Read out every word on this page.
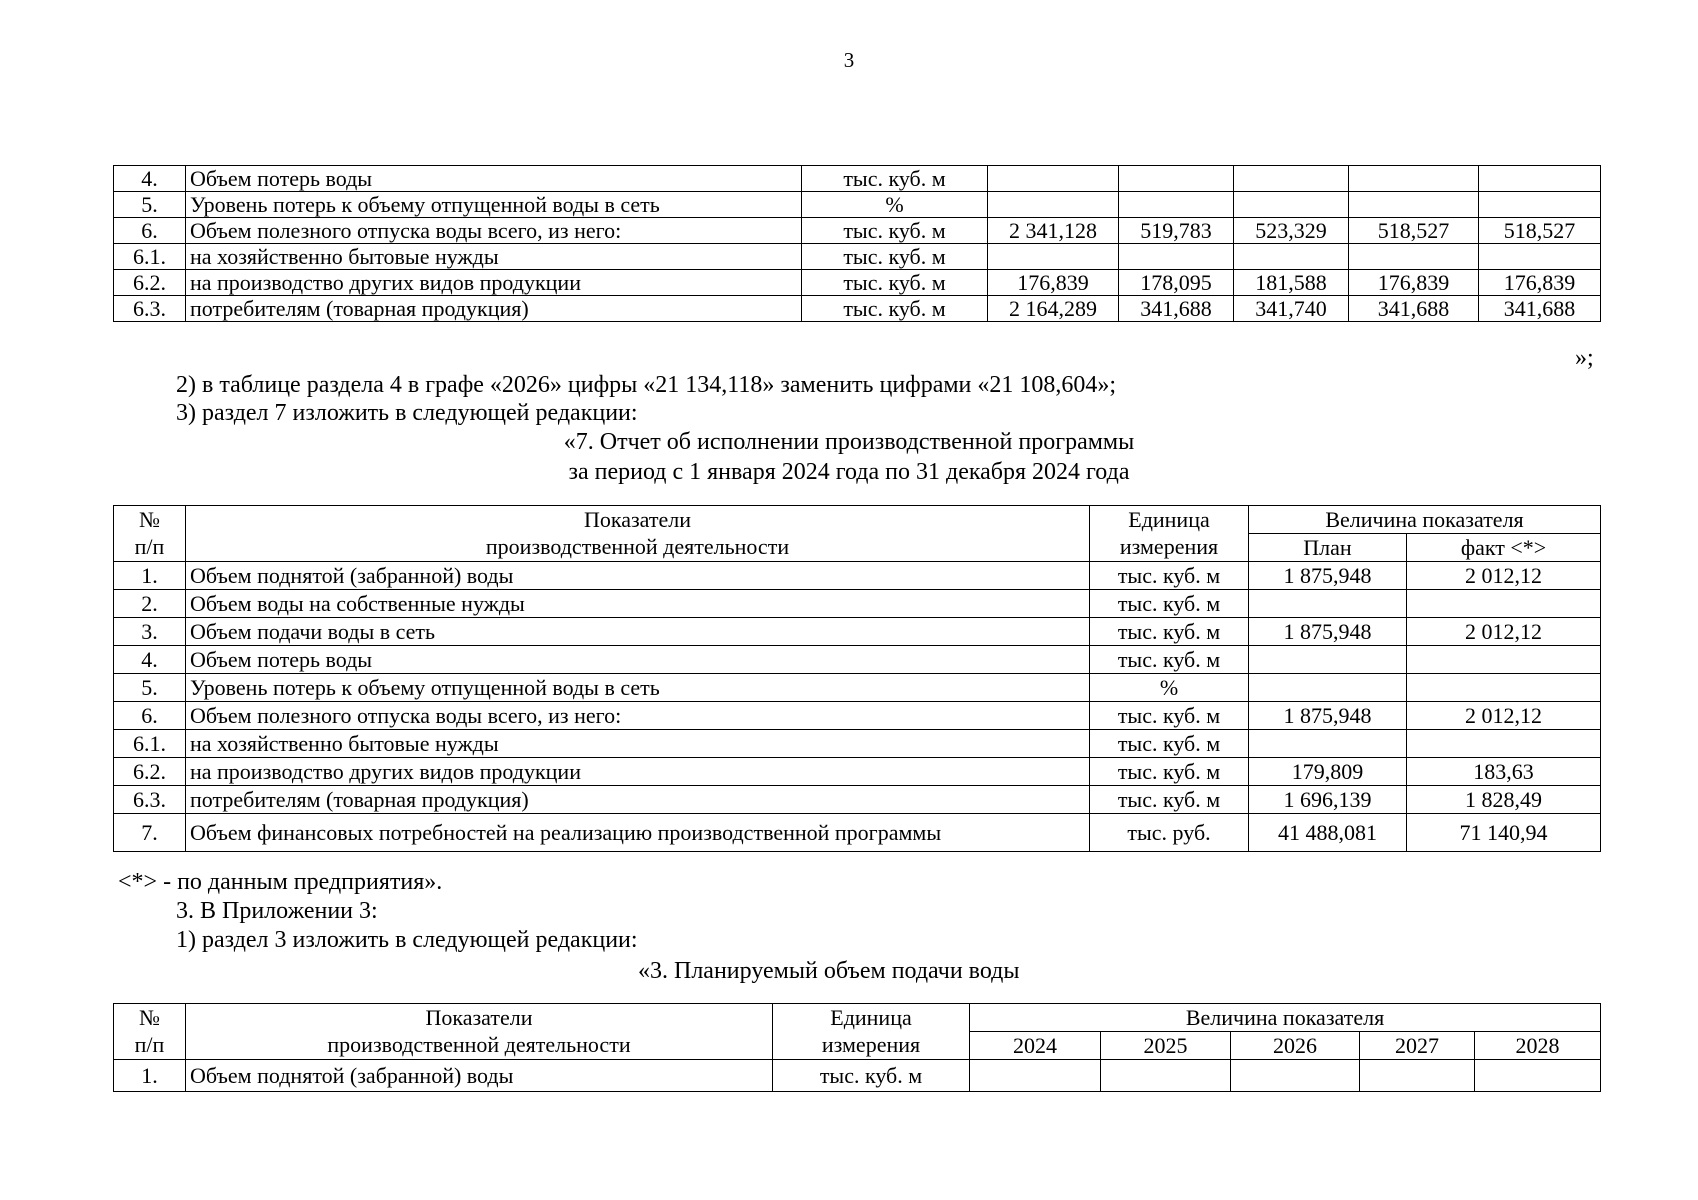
3
4.	Объем потерь воды	тыс. куб. м					
5.	Уровень потерь к объему отпущенной воды в сеть	%					
6.	Объем полезного отпуска воды всего, из него:	тыс. куб. м	2 341,128	519,783	523,329	518,527	518,527
6.1.	на хозяйственно бытовые нужды	тыс. куб. м					
6.2.	на производство других видов продукции	тыс. куб. м	176,839	178,095	181,588	176,839	176,839
6.3.	потребителям (товарная продукция)	тыс. куб. м	2 164,289	341,688	341,740	341,688	341,688
»;
2) в таблице раздела 4 в графе «2026» цифры «21 134,118» заменить цифрами «21 108,604»;
3) раздел 7 изложить в следующей редакции:
«7. Отчет об исполнении производственной программы
за период с 1 января 2024 года по 31 декабря 2024 года
№	Показатели	Единица	Величина показателя	
п/п	производственной деятельности	измерения	План	факт <*>
1.	Объем поднятой (забранной) воды	тыс. куб. м	1 875,948	2 012,12
2.	Объем воды на собственные нужды	тыс. куб. м		
3.	Объем подачи воды в сеть	тыс. куб. м	1 875,948	2 012,12
4.	Объем потерь воды	тыс. куб. м		
5.	Уровень потерь к объему отпущенной воды в сеть	%		
6.	Объем полезного отпуска воды всего, из него:	тыс. куб. м	1 875,948	2 012,12
6.1.	на хозяйственно бытовые нужды	тыс. куб. м		
6.2.	на производство других видов продукции	тыс. куб. м	179,809	183,63
6.3.	потребителям (товарная продукция)	тыс. куб. м	1 696,139	1 828,49
7.	Объем финансовых потребностей на реализацию производственной программы	тыс. руб.	41 488,081	71 140,94
<*> - по данным предприятия».
3. В Приложении 3:
1) раздел 3 изложить в следующей редакции:
«3. Планируемый объем подачи воды
№	Показатели	Единица	Величина показателя				
п/п	производственной деятельности	измерения	2024	2025	2026	2027	2028
1.	Объем поднятой (забранной) воды	тыс. куб. м					
